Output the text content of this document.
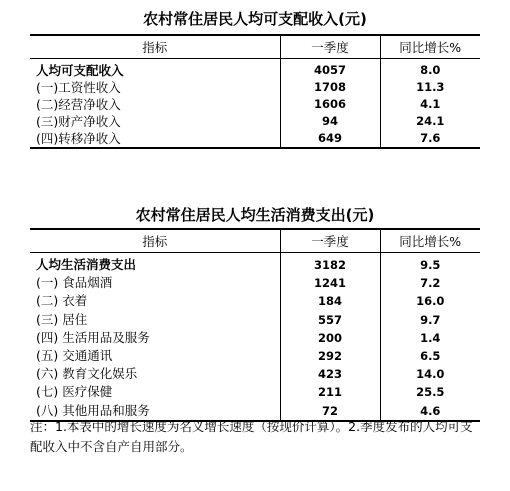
农村常住居民人均可支配收入(元)
指标	一季度	同比增长%
人均可支配收入	4057	8.0
(一)工资性收入	1708	11.3
(二)经营净收入	1606	4.1
(三)财产净收入	94	24.1
(四)转移净收入	649	7.6
农村常住居民人均生活消费支出(元)
指标	一季度	同比增长%
人均生活消费支出	3182	9.5
(一) 食品烟酒	1241	7.2
(二) 衣着	184	16.0
(三) 居住	557	9.7
(四) 生活用品及服务	200	1.4
(五) 交通通讯	292	6.5
(六) 教育文化娱乐	423	14.0
(七) 医疗保健	211	25.5
(八) 其他用品和服务	72	4.6
注：1.本表中的增长速度为名义增长速度（按现价计算）。2.季度发布的人均可支配收入中不含自产自用部分。
